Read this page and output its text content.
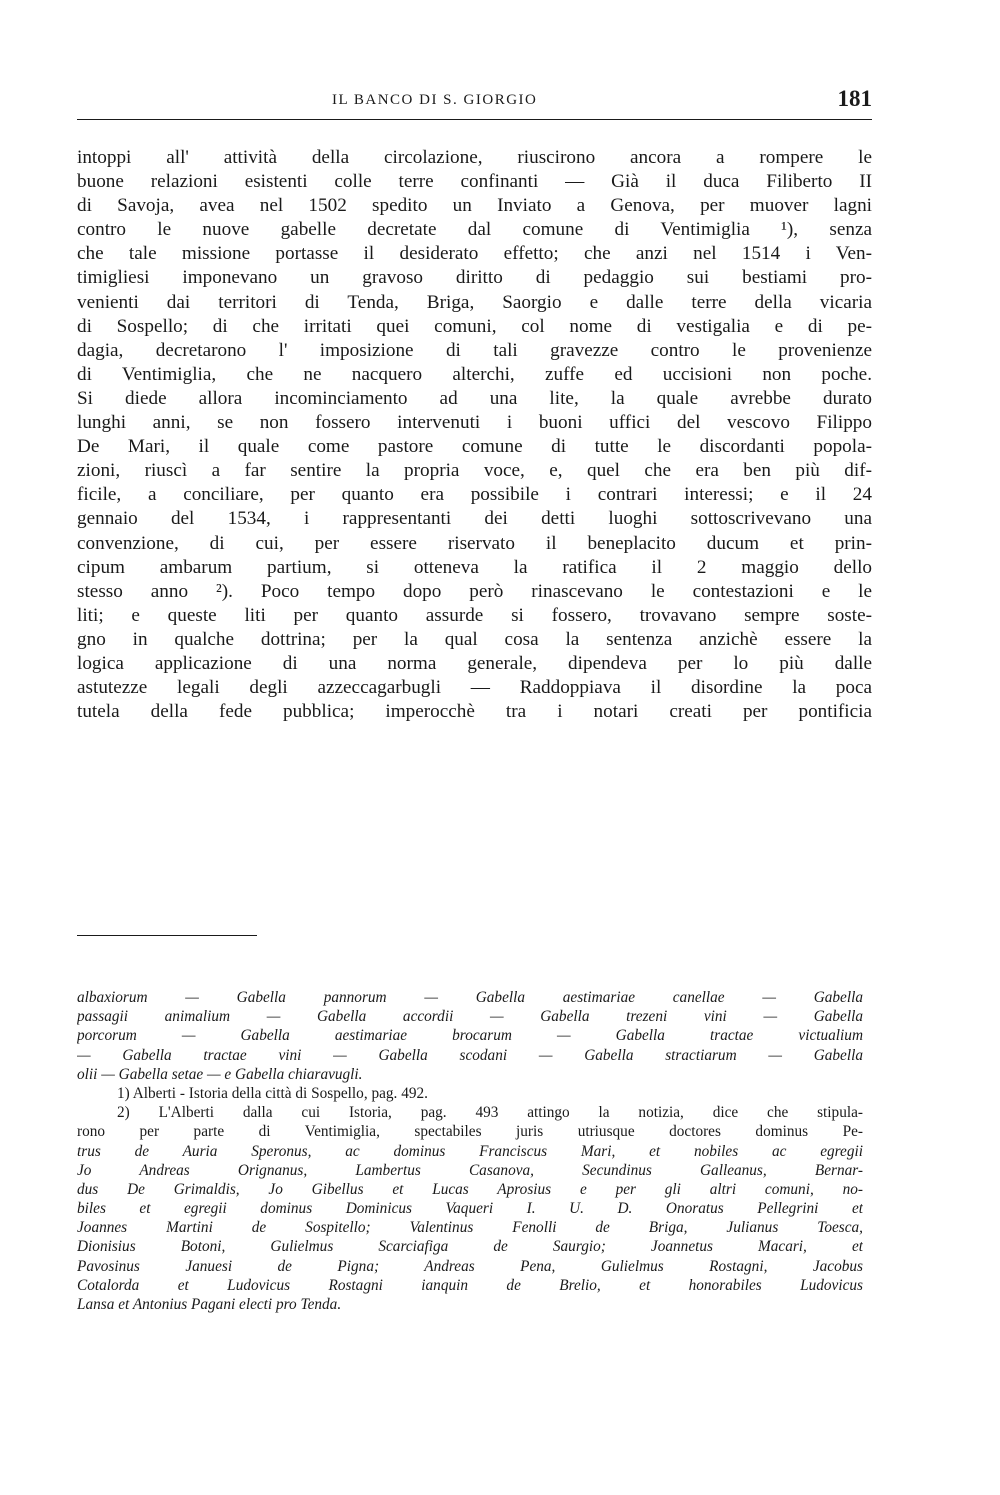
IL BANCO DI S. GIORGIO	181
intoppi all' attività della circolazione, riuscirono ancora a rompere le
buone relazioni esistenti colle terre confinanti — Già il duca Filiberto II
di Savoja, avea nel 1502 spedito un Inviato a Genova, per muover lagni
contro le nuove gabelle decretate dal comune di Ventimiglia ¹), senza
che tale missione portasse il desiderato effetto; che anzi nel 1514 i Ven-
timigliesi imponevano un gravoso diritto di pedaggio sui bestiami pro-
venienti dai territori di Tenda, Briga, Saorgio e dalle terre della vicaria
di Sospello; di che irritati quei comuni, col nome di vestigalia e di pe-
dagia, decretarono l' imposizione di tali gravezze contro le provenienze
di Ventimiglia, che ne nacquero alterchi, zuffe ed uccisioni non poche.
Si diede allora incominciamento ad una lite, la quale avrebbe durato
lunghi anni, se non fossero intervenuti i buoni uffici del vescovo Filippo
De Mari, il quale come pastore comune di tutte le discordanti popola-
zioni, riuscì a far sentire la propria voce, e, quel che era ben più dif-
ficile, a conciliare, per quanto era possibile i contrari interessi; e il 24
gennaio del 1534, i rappresentanti dei detti luoghi sottoscrivevano una
convenzione, di cui, per essere riservato il beneplacito ducum et prin-
cipum ambarum partium, si otteneva la ratifica il 2 maggio dello
stesso anno ²). Poco tempo dopo però rinascevano le contestazioni e le
liti; e queste liti per quanto assurde si fossero, trovavano sempre soste-
gno in qualche dottrina; per la qual cosa la sentenza anzichè essere la
logica applicazione di una norma generale, dipendeva per lo più dalle
astutezze legali degli azzeccagarbugli — Raddoppiava il disordine la poca
tutela della fede pubblica; imperocchè tra i notari creati per pontificia
albaxiorum — Gabella pannorum — Gabella aestimariae canellae — Gabella
passagii animalium — Gabella accordii — Gabella trezeni vini — Gabella
porcorum — Gabella aestimariae brocarum — Gabella tractae victualium
— Gabella tractae vini — Gabella scodani — Gabella stractiarum — Gabella
olii — Gabella setae — e Gabella chiaravugli.
1) Alberti - Istoria della città di Sospello, pag. 492.
2) L'Alberti dalla cui Istoria, pag. 493 attingo la notizia, dice che stipula-
rono per parte di Ventimiglia, spectabiles juris utriusque doctores dominus Pe-
trus de Auria Speronus, ac dominus Franciscus Mari, et nobiles ac egregii
Jo Andreas Orignanus, Lambertus Casanova, Secundinus Galleanus, Bernar-
dus De Grimaldis, Jo Gibellus et Lucas Aprosius e per gli altri comuni, no-
biles et egregii dominus Dominicus Vaqueri I. U. D. Onoratus Pellegrini et
Joannes Martini de Sospitello; Valentinus Fenolli de Briga, Julianus Toesca,
Dionisius Botoni, Gulielmus Scarciafiga de Saurgio; Joannetus Macari, et
Pavosinus Januesi de Pigna; Andreas Pena, Gulielmus Rostagni, Jacobus
Cotalorda et Ludovicus Rostagni ianquin de Brelio, et honorabiles Ludovicus
Lansa et Antonius Pagani electi pro Tenda.
